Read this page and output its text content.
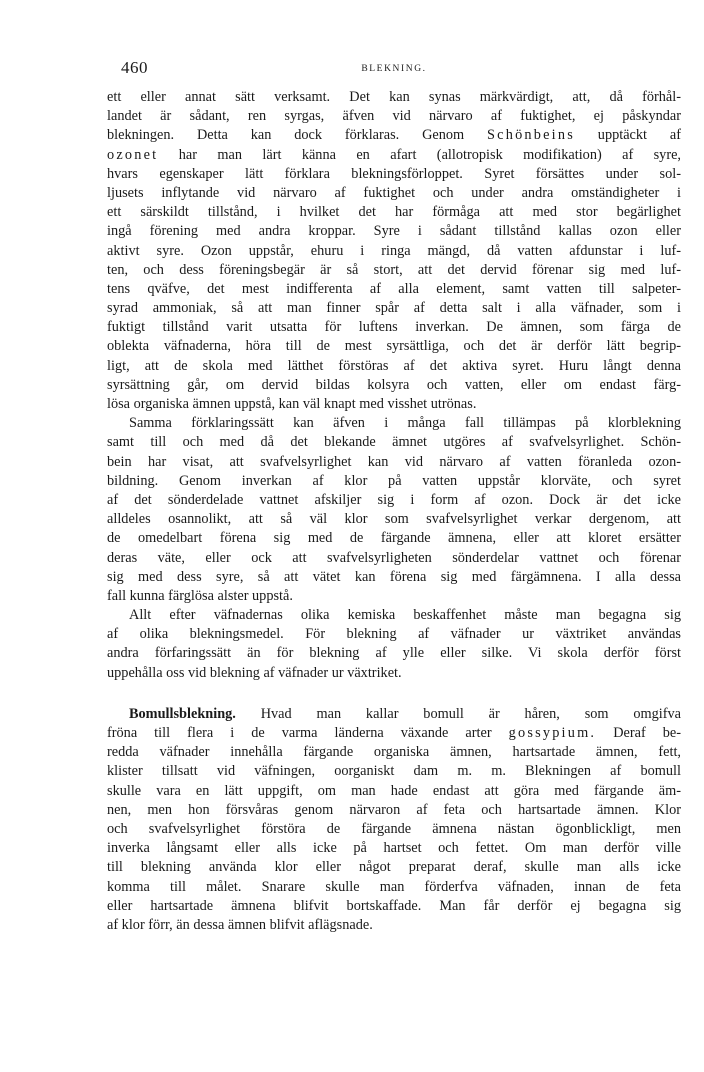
460	BLEKNING.
ett eller annat sätt verksamt. Det kan synas märkvärdigt, att, då förhål-
landet är sådant, ren syrgas, äfven vid närvaro af fuktighet, ej påskyndar
blekningen. Detta kan dock förklaras. Genom Schönbeins upptäckt af
ozonet har man lärt känna en afart (allotropisk modifikation) af syre,
hvars egenskaper lätt förklara blekningsförloppet. Syret försättes under sol-
ljusets inflytande vid närvaro af fuktighet och under andra omständigheter i
ett särskildt tillstånd, i hvilket det har förmåga att med stor begärlighet
ingå förening med andra kroppar. Syre i sådant tillstånd kallas ozon eller
aktivt syre. Ozon uppstår, ehuru i ringa mängd, då vatten afdunstar i luf-
ten, och dess föreningsbegär är så stort, att det dervid förenar sig med luf-
tens qväfve, det mest indifferenta af alla element, samt vatten till salpeter-
syrad ammoniak, så att man finner spår af detta salt i alla väfnader, som i
fuktigt tillstånd varit utsatta för luftens inverkan. De ämnen, som färga de
oblekta väfnaderna, höra till de mest syrsättliga, och det är derför lätt begrip-
ligt, att de skola med lätthet förstöras af det aktiva syret. Huru långt denna
syrsättning går, om dervid bildas kolsyra och vatten, eller om endast färg-
lösa organiska ämnen uppstå, kan väl knapt med visshet utrönas.
Samma förklaringssätt kan äfven i många fall tillämpas på klorblekning
samt till och med då det blekande ämnet utgöres af svafvelsyrlighet. Schön-
bein har visat, att svafvelsyrlighet kan vid närvaro af vatten föranleda ozon-
bildning. Genom inverkan af klor på vatten uppstår klorväte, och syret
af det sönderdelade vattnet afskiljer sig i form af ozon. Dock är det icke
alldeles osannolikt, att så väl klor som svafvelsyrlighet verkar dergenom, att
de omedelbart förena sig med de färgande ämnena, eller att kloret ersätter
deras väte, eller ock att svafvelsyrligheten sönderdelar vattnet och förenar
sig med dess syre, så att vätet kan förena sig med färgämnena. I alla dessa
fall kunna färglösa alster uppstå.
Allt efter väfnadernas olika kemiska beskaffenhet måste man begagna sig
af olika blekningsmedel. För blekning af väfnader ur växtriket användas
andra förfaringssätt än för blekning af ylle eller silke. Vi skola derför först
uppehålla oss vid blekning af väfnader ur växtriket.
Bomullsblekning. Hvad man kallar bomull är håren, som omgifva
fröna till flera i de varma länderna växande arter gossypium. Deraf be-
redda väfnader innehålla färgande organiska ämnen, hartsartade ämnen, fett,
klister tillsatt vid väfningen, oorganiskt dam m. m. Blekningen af bomull
skulle vara en lätt uppgift, om man hade endast att göra med färgande äm-
nen, men hon försvåras genom närvaron af feta och hartsartade ämnen. Klor
och svafvelsyrlighet förstöra de färgande ämnena nästan ögonblickligt, men
inverka långsamt eller alls icke på hartset och fettet. Om man derför ville
till blekning använda klor eller något preparat deraf, skulle man alls icke
komma till målet. Snarare skulle man förderfva väfnaden, innan de feta
eller hartsartade ämnena blifvit bortskaffade. Man får derför ej begagna sig
af klor förr, än dessa ämnen blifvit aflägsnade.
